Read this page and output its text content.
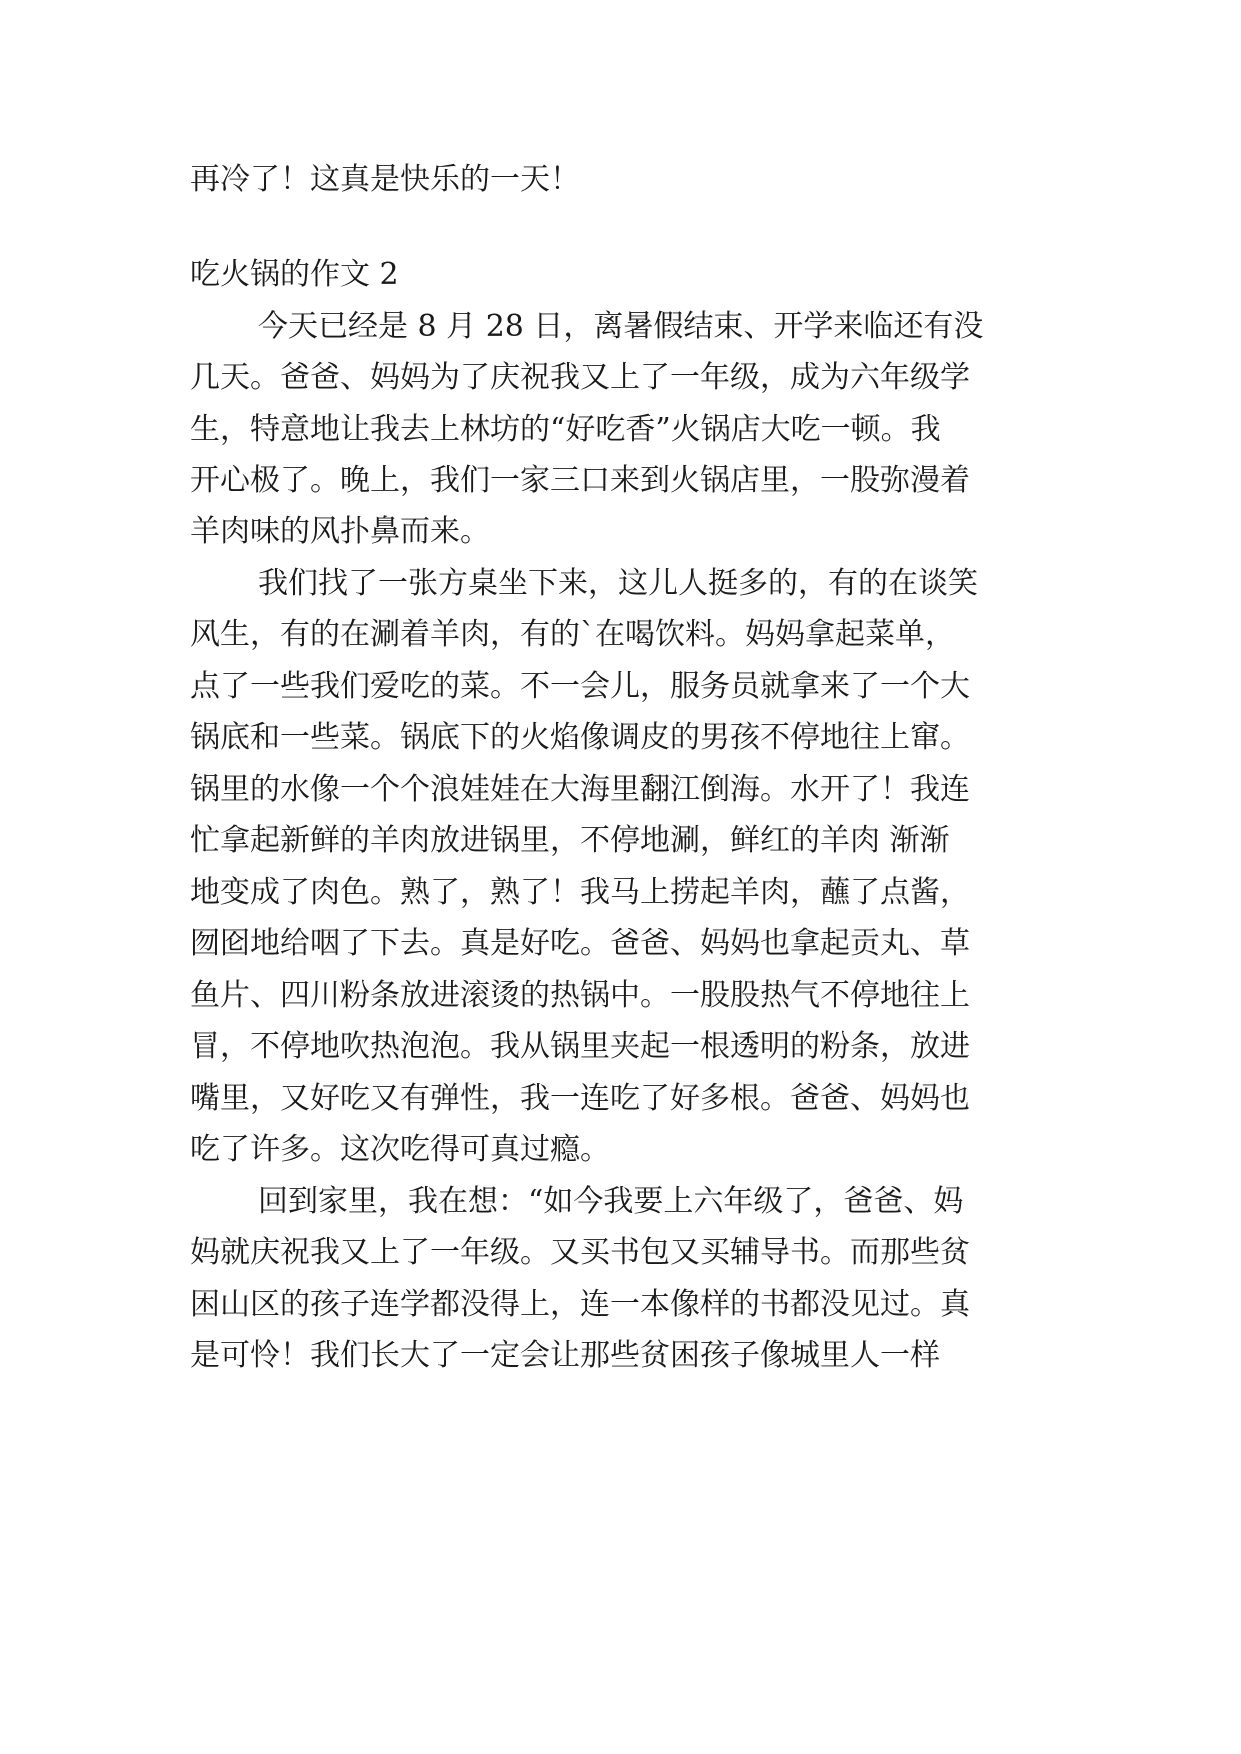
再冷了！这真是快乐的一天！
吃火锅的作文 2
今天已经是 8 月 28 日，离暑假结束、开学来临还有没
几天。爸爸、妈妈为了庆祝我又上了一年级，成为六年级学
生，特意地让我去上林坊的“好吃香”火锅店大吃一顿。我
开心极了。晚上，我们一家三口来到火锅店里，一股弥漫着
羊肉味的风扑鼻而来。
我们找了一张方桌坐下来，这儿人挺多的，有的在谈笑
风生，有的在涮着羊肉，有的`在喝饮料。妈妈拿起菜单，
点了一些我们爱吃的菜。不一会儿，服务员就拿来了一个大
锅底和一些菜。锅底下的火焰像调皮的男孩不停地往上窜。
锅里的水像一个个浪娃娃在大海里翻江倒海。水开了！我连
忙拿起新鲜的羊肉放进锅里，不停地涮，鲜红的羊肉 渐渐
地变成了肉色。熟了，熟了！我马上捞起羊肉，蘸了点酱，
囫囵地给咽了下去。真是好吃。爸爸、妈妈也拿起贡丸、草
鱼片、四川粉条放进滚烫的热锅中。一股股热气不停地往上
冒，不停地吹热泡泡。我从锅里夹起一根透明的粉条，放进
嘴里，又好吃又有弹性，我一连吃了好多根。爸爸、妈妈也
吃了许多。这次吃得可真过瘾。
回到家里，我在想：“如今我要上六年级了，爸爸、妈
妈就庆祝我又上了一年级。又买书包又买辅导书。而那些贫
困山区的孩子连学都没得上，连一本像样的书都没见过。真
是可怜！我们长大了一定会让那些贫困孩子像城里人一样
